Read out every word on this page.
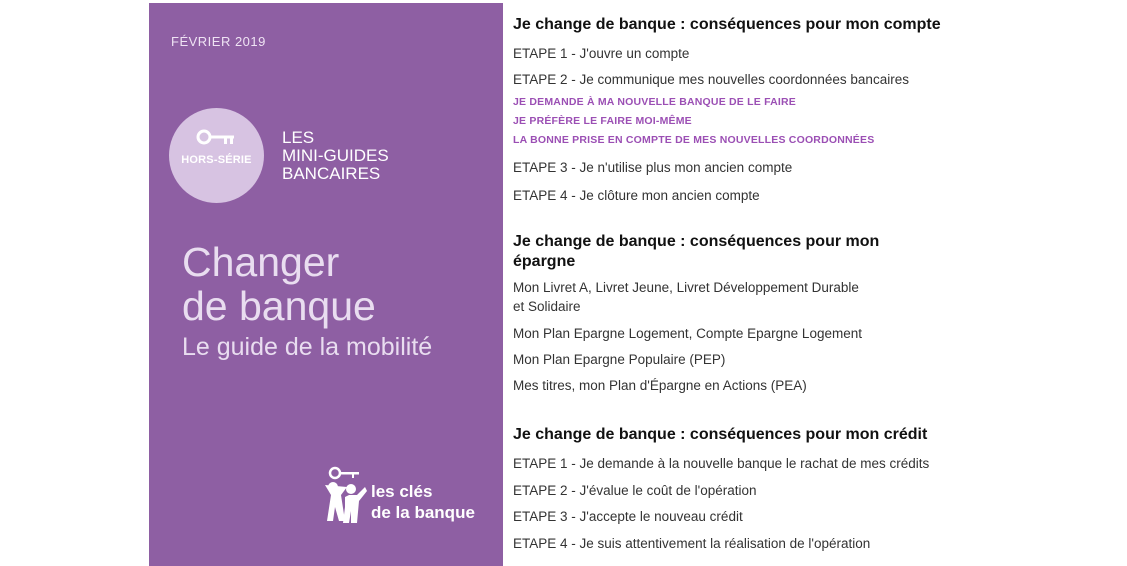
FÉVRIER 2019
HORS-SÉRIE
LES
MINI-GUIDES
BANCAIRES
Changer
de banque
Le guide de la mobilité
les clés
de la banque
Je change de banque : conséquences pour mon compte
ETAPE 1 - J'ouvre un compte
ETAPE 2 - Je communique mes nouvelles coordonnées bancaires
JE DEMANDE À MA NOUVELLE BANQUE DE LE FAIRE
JE PRÉFÈRE LE FAIRE MOI-MÊME
LA BONNE PRISE EN COMPTE DE MES NOUVELLES COORDONNÉES
ETAPE 3 - Je n'utilise plus mon ancien compte
ETAPE 4 - Je clôture mon ancien compte
Je change de banque : conséquences pour mon
épargne
Mon Livret A, Livret Jeune, Livret Développement Durable
et Solidaire
Mon Plan Epargne Logement, Compte Epargne Logement
Mon Plan Epargne Populaire (PEP)
Mes titres, mon Plan d'Épargne en Actions (PEA)
Je change de banque : conséquences pour mon crédit
ETAPE 1 - Je demande à la nouvelle banque le rachat de mes crédits
ETAPE 2 - J'évalue le coût de l'opération
ETAPE 3 - J'accepte le nouveau crédit
ETAPE 4 - Je suis attentivement la réalisation de l'opération
